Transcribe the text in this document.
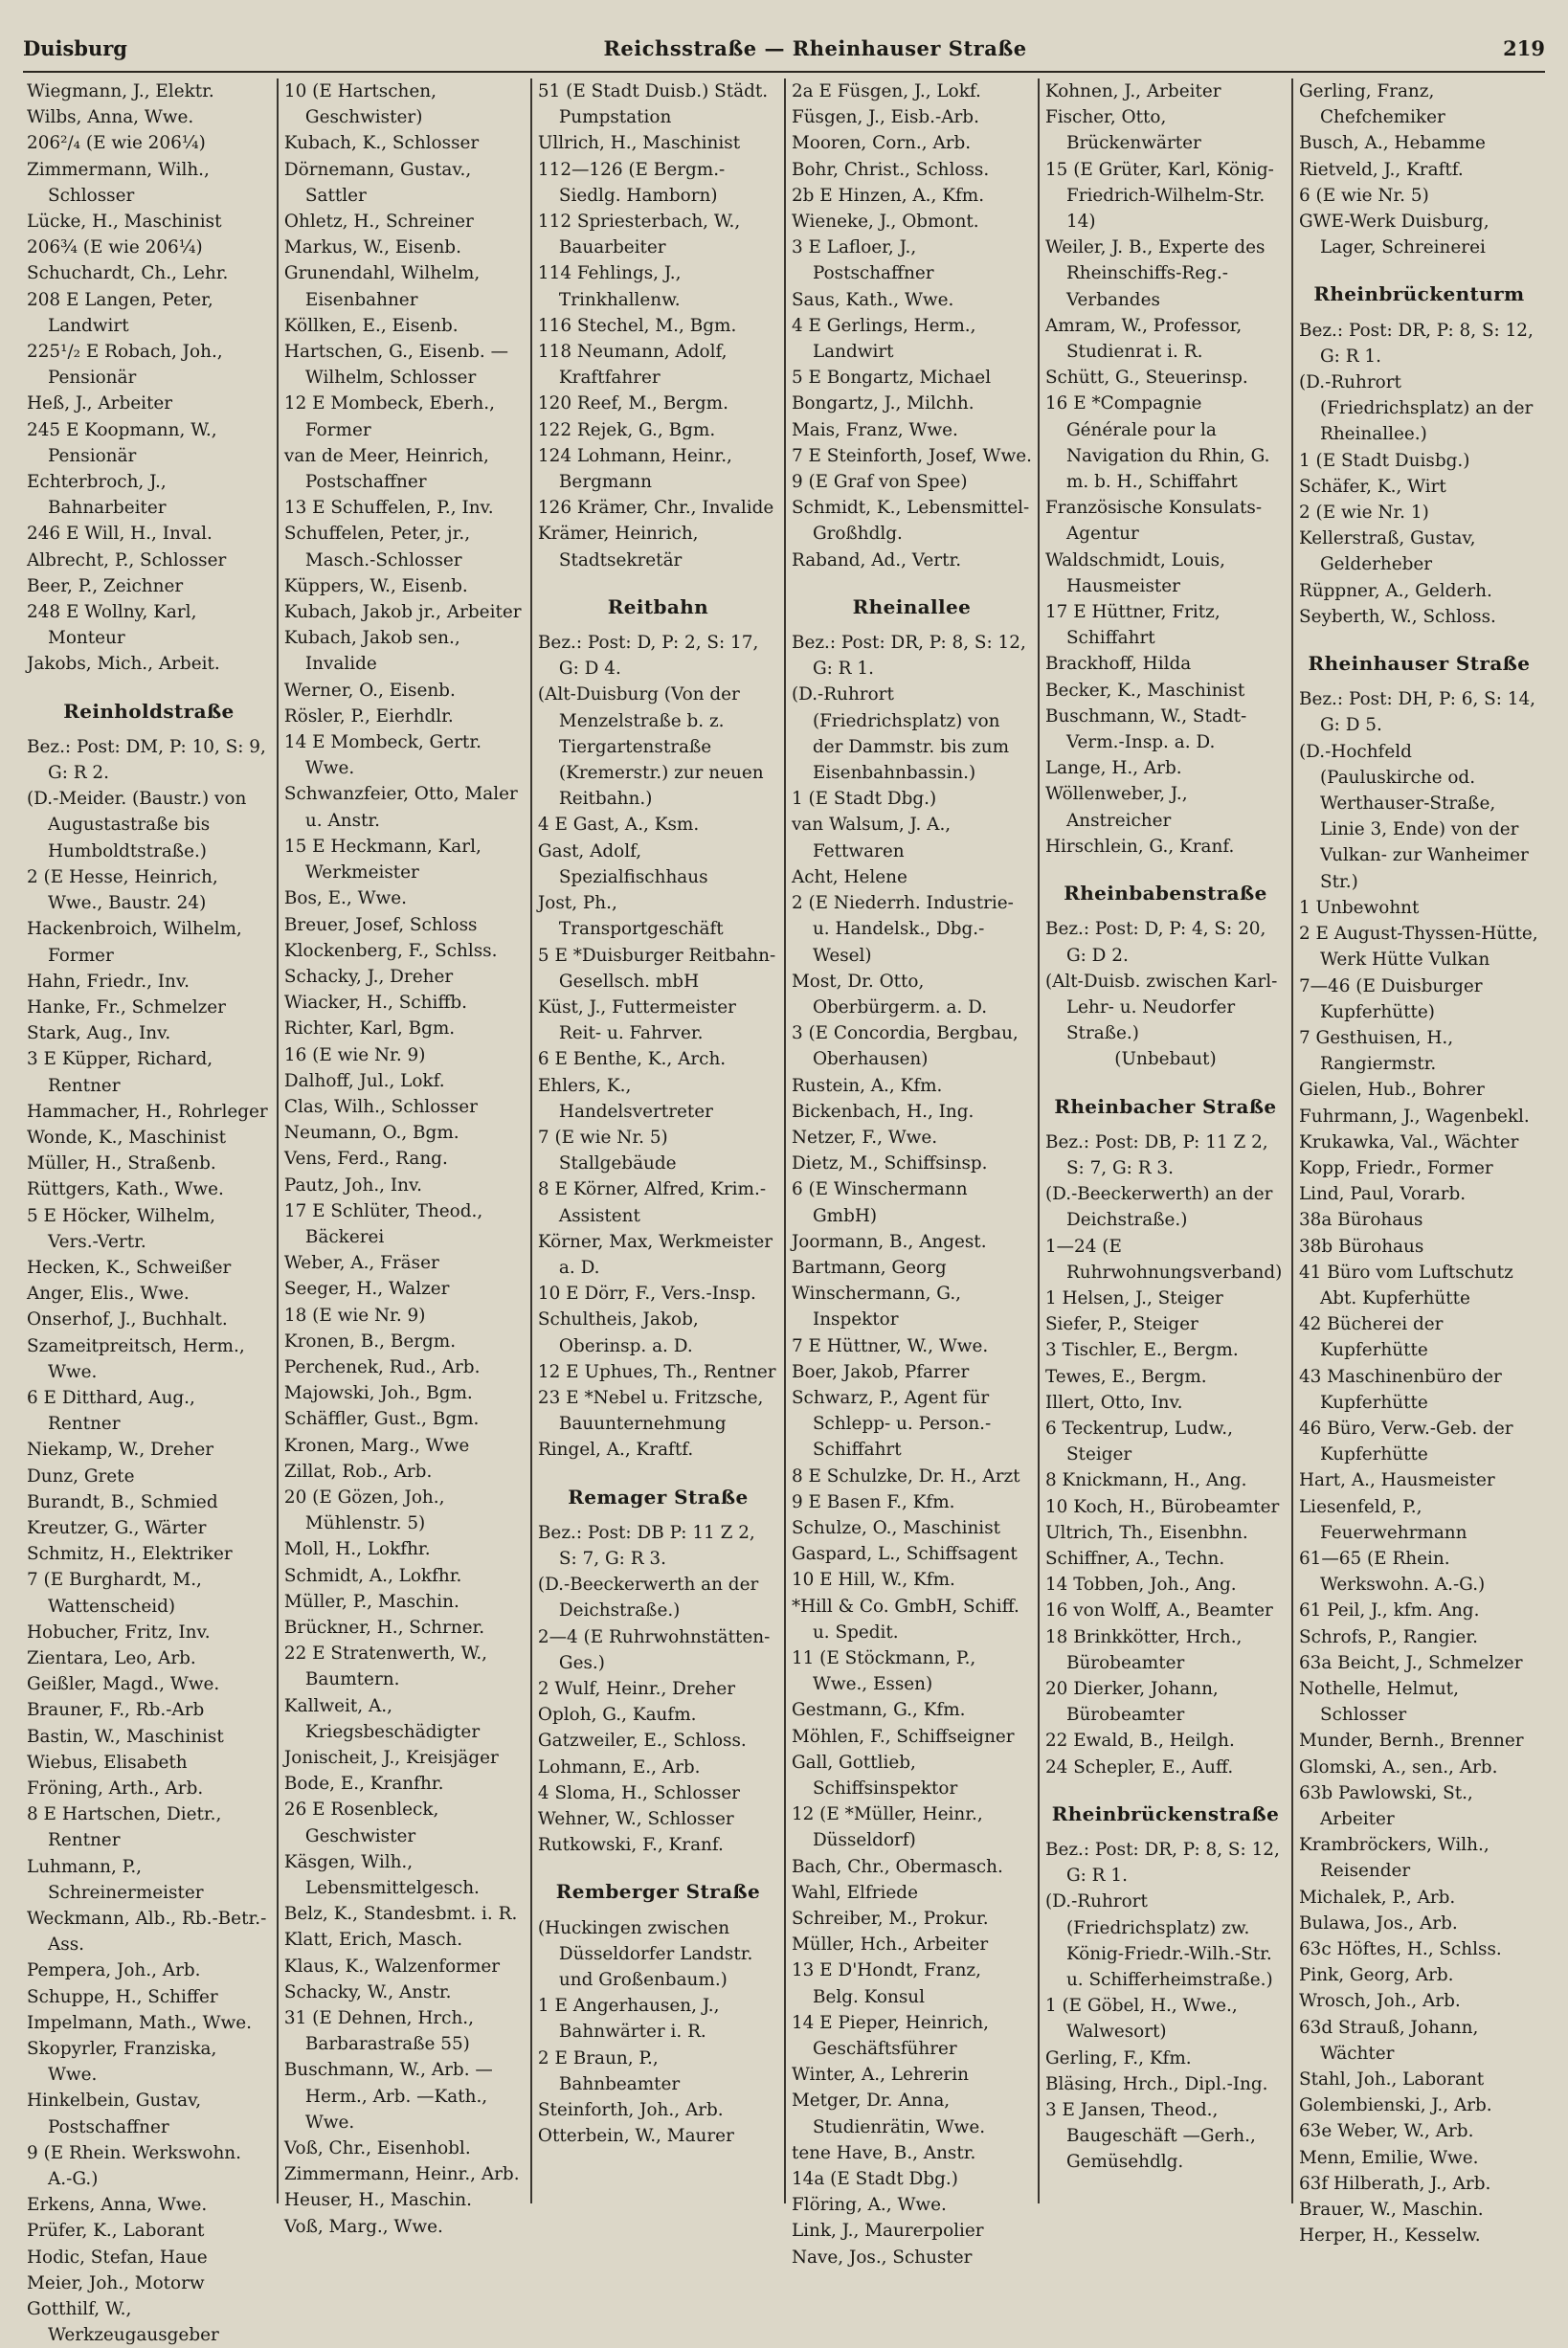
Duisburg	Reichsstraße — Rheinhauser Straße	219
Wiegmann, J., Elektr.
Wilbs, Anna, Wwe.
206²/₄ (E wie 206¼)
Zimmermann, Wilh., Schlosser
Lücke, H., Maschinist
206¾ (E wie 206¼)
Schuchardt, Ch., Lehr.
208 E Langen, Peter, Landwirt
225¹/₂ E Robach, Joh., Pensionär
Heß, J., Arbeiter
245 E Koopmann, W., Pensionär
Echterbroch, J., Bahnarbeiter
246 E Will, H., Inval.
Albrecht, P., Schlosser
Beer, P., Zeichner
248 E Wollny, Karl, Monteur
Jakobs, Mich., Arbeit.
Reinholdstraße
Bez.: Post: DM, P: 10, S: 9, G: R 2.
(D.-Meider. (Baustr.) von Augustastraße bis Humboldtstraße.)
2 (E Hesse, Heinrich, Wwe., Baustr. 24)
Hackenbroich, Wilhelm, Former
Hahn, Friedr., Inv.
Hanke, Fr., Schmelzer
Stark, Aug., Inv.
3 E Küpper, Richard, Rentner
Hammacher, H., Rohrleger
Wonde, K., Maschinist
Müller, H., Straßenb.
Rüttgers, Kath., Wwe.
5 E Höcker, Wilhelm, Vers.-Vertr.
Hecken, K., Schweißer
Anger, Elis., Wwe.
Onserhof, J., Buchhalt.
Szameitpreitsch, Herm., Wwe.
6 E Ditthard, Aug., Rentner
Niekamp, W., Dreher
Dunz, Grete
Burandt, B., Schmied
Kreutzer, G., Wärter
Schmitz, H., Elektriker
7 (E Burghardt, M., Wattenscheid)
Hobucher, Fritz, Inv.
Zientara, Leo, Arb.
Geißler, Magd., Wwe.
Brauner, F., Rb.-Arb
Bastin, W., Maschinist
Wiebus, Elisabeth
Fröning, Arth., Arb.
8 E Hartschen, Dietr., Rentner
Luhmann, P., Schreinermeister
Weckmann, Alb., Rb.-Betr.-Ass.
Pempera, Joh., Arb.
Schuppe, H., Schiffer
Impelmann, Math., Wwe.
Skopyrler, Franziska, Wwe.
Hinkelbein, Gustav, Postschaffner
9 (E Rhein. Werkswohn. A.-G.)
Erkens, Anna, Wwe.
Prüfer, K., Laborant
Hodic, Stefan, Haue
Meier, Joh., Motorw
Gotthilf, W., Werkzeugausgeber
10 (E Hartschen, Geschwister)
Kubach, K., Schlosser
Dörnemann, Gustav., Sattler
Ohletz, H., Schreiner
Markus, W., Eisenb.
Grunendahl, Wilhelm, Eisenbahner
Köllken, E., Eisenb.
Hartschen, G., Eisenb. —Wilhelm, Schlosser
12 E Mombeck, Eberh., Former
van de Meer, Heinrich, Postschaffner
13 E Schuffelen, P., Inv.
Schuffelen, Peter, jr., Masch.-Schlosser
Küppers, W., Eisenb.
Kubach, Jakob jr., Arbeiter
Kubach, Jakob sen., Invalide
Werner, O., Eisenb.
Rösler, P., Eierhdlr.
14 E Mombeck, Gertr. Wwe.
Schwanzfeier, Otto, Maler u. Anstr.
15 E Heckmann, Karl, Werkmeister
Bos, E., Wwe.
Breuer, Josef, Schloss
Klockenberg, F., Schlss.
Schacky, J., Dreher
Wiacker, H., Schiffb.
Richter, Karl, Bgm.
16 (E wie Nr. 9)
Dalhoff, Jul., Lokf.
Clas, Wilh., Schlosser
Neumann, O., Bgm.
Vens, Ferd., Rang.
Pautz, Joh., Inv.
17 E Schlüter, Theod., Bäckerei
Weber, A., Fräser
Seeger, H., Walzer
18 (E wie Nr. 9)
Kronen, B., Bergm.
Perchenek, Rud., Arb.
Majowski, Joh., Bgm.
Schäffler, Gust., Bgm.
Kronen, Marg., Wwe
Zillat, Rob., Arb.
20 (E Gözen, Joh., Mühlenstr. 5)
Moll, H., Lokfhr.
Schmidt, A., Lokfhr.
Müller, P., Maschin.
Brückner, H., Schrner.
22 E Stratenwerth, W., Baumtern.
Kallweit, A., Kriegsbeschädigter
Jonischeit, J., Kreisjäger
Bode, E., Kranfhr.
26 E Rosenbleck, Geschwister
Käsgen, Wilh., Lebensmittelgesch.
Belz, K., Standesbmt. i. R.
Klatt, Erich, Masch.
Klaus, K., Walzenformer
Schacky, W., Anstr.
31 (E Dehnen, Hrch., Barbarastraße 55)
Buschmann, W., Arb. —Herm., Arb. —Kath., Wwe.
Voß, Chr., Eisenhobl.
Zimmermann, Heinr., Arb.
Heuser, H., Maschin.
Voß, Marg., Wwe.
51 (E Stadt Duisb.) Städt. Pumpstation
Ullrich, H., Maschinist
112—126 (E Bergm.-Siedlg. Hamborn)
112 Spriesterbach, W., Bauarbeiter
114 Fehlings, J., Trinkhallenw.
116 Stechel, M., Bgm.
118 Neumann, Adolf, Kraftfahrer
120 Reef, M., Bergm.
122 Rejek, G., Bgm.
124 Lohmann, Heinr., Bergmann
126 Krämer, Chr., Invalide
Krämer, Heinrich, Stadtsekretär
Reitbahn
Bez.: Post: D, P: 2, S: 17, G: D 4.
(Alt-Duisburg (Von der Menzelstraße b. z. Tiergartenstraße (Kremerstr.) zur neuen Reitbahn.)
4 E Gast, A., Ksm.
Gast, Adolf, Spezialfischhaus
Jost, Ph., Transportgeschäft
5 E *Duisburger Reitbahn-Gesellsch. mbH
Küst, J., Futtermeister Reit- u. Fahrver.
6 E Benthe, K., Arch.
Ehlers, K., Handelsvertreter
7 (E wie Nr. 5) Stallgebäude
8 E Körner, Alfred, Krim.-Assistent
Körner, Max, Werkmeister a. D.
10 E Dörr, F., Vers.-Insp.
Schultheis, Jakob, Oberinsp. a. D.
12 E Uphues, Th., Rentner
23 E *Nebel u. Fritzsche, Bauunternehmung
Ringel, A., Kraftf.
Remager Straße
Bez.: Post: DB P: 11 Z 2, S: 7, G: R 3.
(D.-Beeckerwerth an der Deichstraße.)
2—4 (E Ruhrwohnstätten-Ges.)
2 Wulf, Heinr., Dreher
Oploh, G., Kaufm.
Gatzweiler, E., Schloss.
Lohmann, E., Arb.
4 Sloma, H., Schlosser
Wehner, W., Schlosser
Rutkowski, F., Kranf.
Remberger Straße
(Huckingen zwischen Düsseldorfer Landstr. und Großenbaum.)
1 E Angerhausen, J., Bahnwärter i. R.
2 E Braun, P., Bahnbeamter
Steinforth, Joh., Arb.
Otterbein, W., Maurer
2a E Füsgen, J., Lokf.
Füsgen, J., Eisb.-Arb.
Mooren, Corn., Arb.
Bohr, Christ., Schloss.
2b E Hinzen, A., Kfm.
Wieneke, J., Obmont.
3 E Lafloer, J., Postschaffner
Saus, Kath., Wwe.
4 E Gerlings, Herm., Landwirt
5 E Bongartz, Michael
Bongartz, J., Milchh.
Mais, Franz, Wwe.
7 E Steinforth, Josef, Wwe.
9 (E Graf von Spee)
Schmidt, K., Lebensmittel-Großhdlg.
Raband, Ad., Vertr.
Rheinallee
Bez.: Post: DR, P: 8, S: 12, G: R 1.
(D.-Ruhrort (Friedrichsplatz) von der Dammstr. bis zum Eisenbahnbassin.)
1 (E Stadt Dbg.)
van Walsum, J. A., Fettwaren
Acht, Helene
2 (E Niederrh. Industrie- u. Handelsk., Dbg.-Wesel)
Most, Dr. Otto, Oberbürgerm. a. D.
3 (E Concordia, Bergbau, Oberhausen)
Rustein, A., Kfm.
Bickenbach, H., Ing.
Netzer, F., Wwe.
Dietz, M., Schiffsinsp.
6 (E Winschermann GmbH)
Joormann, B., Angest.
Bartmann, Georg
Winschermann, G., Inspektor
7 E Hüttner, W., Wwe.
Boer, Jakob, Pfarrer
Schwarz, P., Agent für Schlepp- u. Person.-Schiffahrt
8 E Schulzke, Dr. H., Arzt
9 E Basen F., Kfm.
Schulze, O., Maschinist
Gaspard, L., Schiffsagent
10 E Hill, W., Kfm.
*Hill & Co. GmbH, Schiff. u. Spedit.
11 (E Stöckmann, P., Wwe., Essen)
Gestmann, G., Kfm.
Möhlen, F., Schiffseigner
Gall, Gottlieb, Schiffsinspektor
12 (E *Müller, Heinr., Düsseldorf)
Bach, Chr., Obermasch.
Wahl, Elfriede
Schreiber, M., Prokur.
Müller, Hch., Arbeiter
13 E D'Hondt, Franz, Belg. Konsul
14 E Pieper, Heinrich, Geschäftsführer
Winter, A., Lehrerin
Metger, Dr. Anna, Studienrätin, Wwe.
tene Have, B., Anstr.
14a (E Stadt Dbg.)
Flöring, A., Wwe.
Link, J., Maurerpolier
Nave, Jos., Schuster
Kohnen, J., Arbeiter
Fischer, Otto, Brückenwärter
15 (E Grüter, Karl, König-Friedrich-Wilhelm-Str. 14)
Weiler, J. B., Experte des Rheinschiffs-Reg.-Verbandes
Amram, W., Professor, Studienrat i. R.
Schütt, G., Steuerinsp.
16 E *Compagnie Générale pour la Navigation du Rhin, G. m. b. H., Schiffahrt
Französische Konsulats-Agentur
Waldschmidt, Louis, Hausmeister
17 E Hüttner, Fritz, Schiffahrt
Brackhoff, Hilda
Becker, K., Maschinist
Buschmann, W., Stadt-Verm.-Insp. a. D.
Lange, H., Arb.
Wöllenweber, J., Anstreicher
Hirschlein, G., Kranf.
Rheinbabenstraße
Bez.: Post: D, P: 4, S: 20, G: D 2.
(Alt-Duisb. zwischen Karl-Lehr- u. Neudorfer Straße.)
(Unbebaut)
Rheinbacher Straße
Bez.: Post: DB, P: 11 Z 2, S: 7, G: R 3.
(D.-Beeckerwerth) an der Deichstraße.)
1—24 (E Ruhrwohnungsverband)
1 Helsen, J., Steiger
Siefer, P., Steiger
3 Tischler, E., Bergm.
Tewes, E., Bergm.
Illert, Otto, Inv.
6 Teckentrup, Ludw., Steiger
8 Knickmann, H., Ang.
10 Koch, H., Bürobeamter
Ultrich, Th., Eisenbhn.
Schiffner, A., Techn.
14 Tobben, Joh., Ang.
16 von Wolff, A., Beamter
18 Brinkkötter, Hrch., Bürobeamter
20 Dierker, Johann, Bürobeamter
22 Ewald, B., Heilgh.
24 Schepler, E., Auff.
Rheinbrückenstraße
Bez.: Post: DR, P: 8, S: 12, G: R 1.
(D.-Ruhrort (Friedrichsplatz) zw. König-Friedr.-Wilh.-Str. u. Schifferheimstraße.)
1 (E Göbel, H., Wwe., Walwesort)
Gerling, F., Kfm.
Bläsing, Hrch., Dipl.-Ing.
3 E Jansen, Theod., Baugeschäft —Gerh., Gemüsehdlg.
Gerling, Franz, Chefchemiker
Busch, A., Hebamme
Rietveld, J., Kraftf.
6 (E wie Nr. 5)
GWE-Werk Duisburg, Lager, Schreinerei
Rheinbrückenturm
Bez.: Post: DR, P: 8, S: 12, G: R 1.
(D.-Ruhrort (Friedrichsplatz) an der Rheinallee.)
1 (E Stadt Duisbg.)
Schäfer, K., Wirt
2 (E wie Nr. 1)
Kellerstraß, Gustav, Gelderheber
Rüppner, A., Gelderh.
Seyberth, W., Schloss.
Rheinhauser Straße
Bez.: Post: DH, P: 6, S: 14, G: D 5.
(D.-Hochfeld (Pauluskirche od. Werthauser-Straße, Linie 3, Ende) von der Vulkan- zur Wanheimer Str.)
1 Unbewohnt
2 E August-Thyssen-Hütte, Werk Hütte Vulkan
7—46 (E Duisburger Kupferhütte)
7 Gesthuisen, H., Rangiermstr.
Gielen, Hub., Bohrer
Fuhrmann, J., Wagenbekl.
Krukawka, Val., Wächter
Kopp, Friedr., Former
Lind, Paul, Vorarb.
38a Bürohaus
38b Bürohaus
41 Büro vom Luftschutz Abt. Kupferhütte
42 Bücherei der Kupferhütte
43 Maschinenbüro der Kupferhütte
46 Büro, Verw.-Geb. der Kupferhütte
Hart, A., Hausmeister
Liesenfeld, P., Feuerwehrmann
61—65 (E Rhein. Werkswohn. A.-G.)
61 Peil, J., kfm. Ang.
Schrofs, P., Rangier.
63a Beicht, J., Schmelzer
Nothelle, Helmut, Schlosser
Munder, Bernh., Brenner
Glomski, A., sen., Arb.
63b Pawlowski, St., Arbeiter
Krambröckers, Wilh., Reisender
Michalek, P., Arb.
Bulawa, Jos., Arb.
63c Höftes, H., Schlss.
Pink, Georg, Arb.
Wrosch, Joh., Arb.
63d Strauß, Johann, Wächter
Stahl, Joh., Laborant
Golembienski, J., Arb.
63e Weber, W., Arb.
Menn, Emilie, Wwe.
63f Hilberath, J., Arb.
Brauer, W., Maschin.
Herper, H., Kesselw.
